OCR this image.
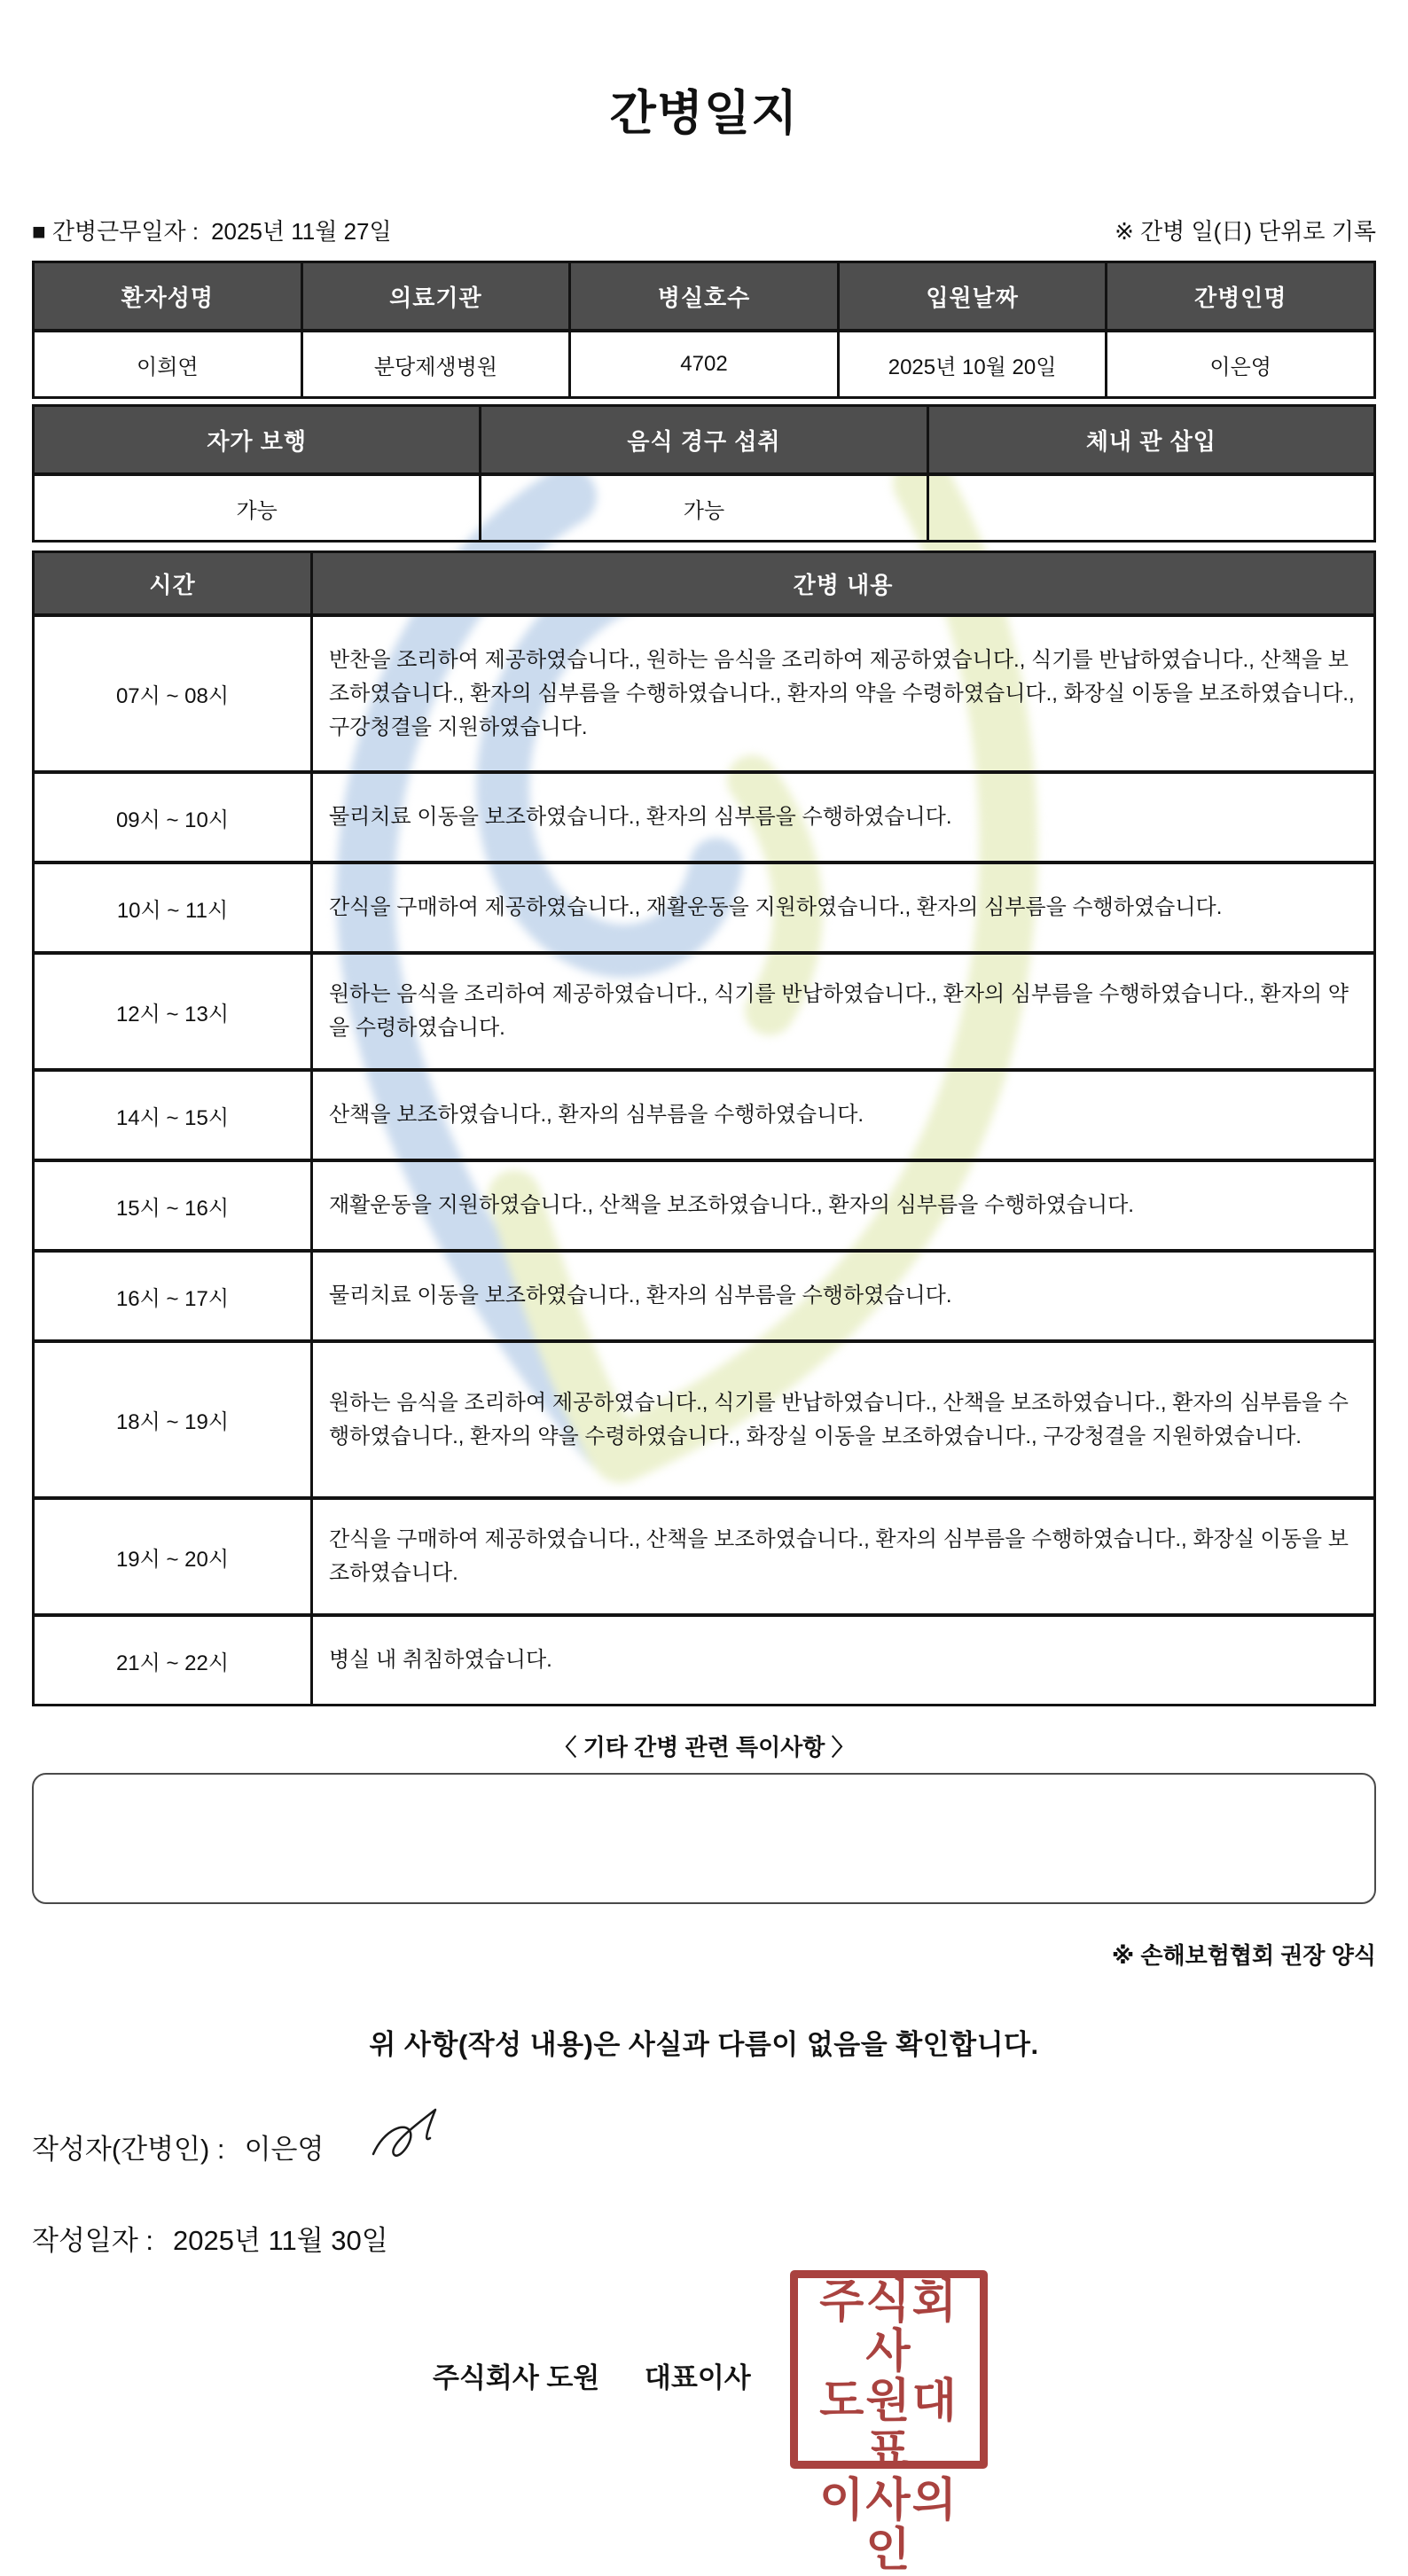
간병일지
■ 간병근무일자 : 2025년 11월 27일	※ 간병 일(日) 단위로 기록
환자성명	의료기관	병실호수	입원날짜	간병인명
이희연	분당제생병원	4702	2025년 10월 20일	이은영
자가 보행	음식 경구 섭취	체내 관 삽입
가능	가능	
시간	간병 내용
07시 ~ 08시	반찬을 조리하여 제공하였습니다., 원하는 음식을 조리하여 제공하였습니다., 식기를 반납하였습니다., 산책을 보조하였습니다., 환자의 심부름을 수행하였습니다., 환자의 약을 수령하였습니다., 화장실 이동을 보조하였습니다., 구강청결을 지원하였습니다.
09시 ~ 10시	물리치료 이동을 보조하였습니다., 환자의 심부름을 수행하였습니다.
10시 ~ 11시	간식을 구매하여 제공하였습니다., 재활운동을 지원하였습니다., 환자의 심부름을 수행하였습니다.
12시 ~ 13시	원하는 음식을 조리하여 제공하였습니다., 식기를 반납하였습니다., 환자의 심부름을 수행하였습니다., 환자의 약을 수령하였습니다.
14시 ~ 15시	산책을 보조하였습니다., 환자의 심부름을 수행하였습니다.
15시 ~ 16시	재활운동을 지원하였습니다., 산책을 보조하였습니다., 환자의 심부름을 수행하였습니다.
16시 ~ 17시	물리치료 이동을 보조하였습니다., 환자의 심부름을 수행하였습니다.
18시 ~ 19시	원하는 음식을 조리하여 제공하였습니다., 식기를 반납하였습니다., 산책을 보조하였습니다., 환자의 심부름을 수행하였습니다., 환자의 약을 수령하였습니다., 화장실 이동을 보조하였습니다., 구강청결을 지원하였습니다.
19시 ~ 20시	간식을 구매하여 제공하였습니다., 산책을 보조하였습니다., 환자의 심부름을 수행하였습니다., 화장실 이동을 보조하였습니다.
21시 ~ 22시	병실 내 취침하였습니다.
〈 기타 간병 관련 특이사항 〉
※ 손해보험협회 권장 양식
위 사항(작성 내용)은 사실과 다름이 없음을 확인합니다.
작성자(간병인) : 이은영
작성일자 : 2025년 11월 30일
주식회사 도원 대표이사
주식회사
도원대표
이사의인
